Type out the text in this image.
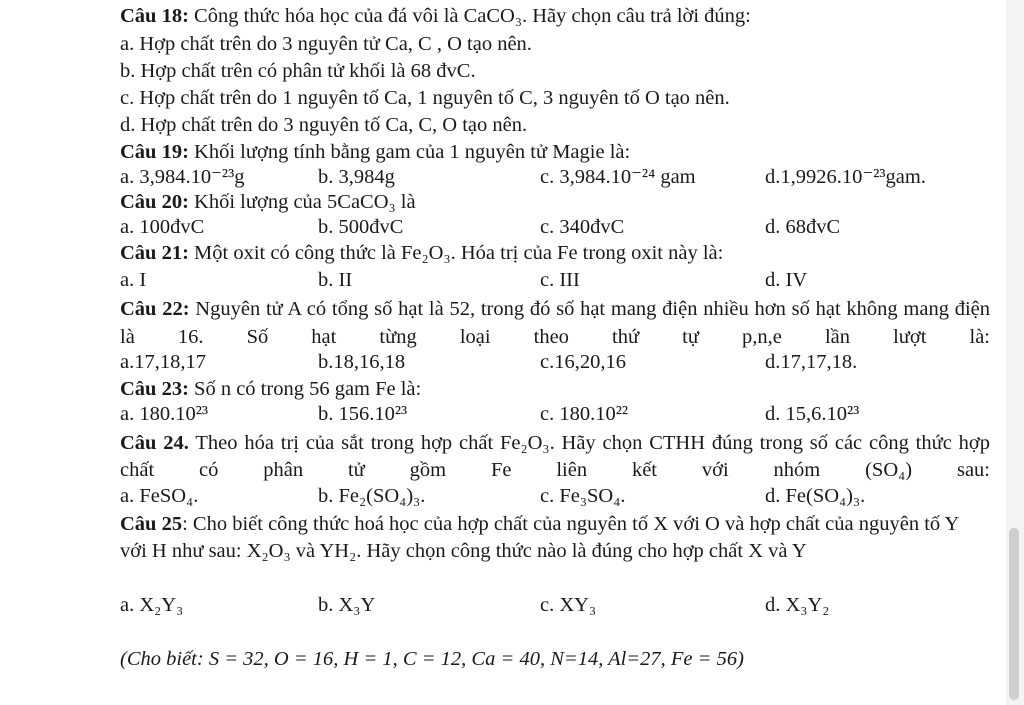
Câu 18: Công thức hóa học của đá vôi là CaCO₃. Hãy chọn câu trả lời đúng:
a. Hợp chất trên do 3 nguyên tử Ca, C , O tạo nên.
b. Hợp chất trên có phân tử khối là 68 đvC.
c. Hợp chất trên do 1 nguyên tố Ca, 1 nguyên tố C, 3 nguyên tố O tạo nên.
d. Hợp chất trên do 3 nguyên tố Ca, C, O tạo nên.
Câu 19: Khối lượng tính bằng gam của 1 nguyên tử Magie là:
a. 3,984.10⁻²³g	b. 3,984g	c. 3,984.10⁻²⁴ gam	d.1,9926.10⁻²³gam.
Câu 20: Khối lượng của 5CaCO₃ là
a. 100đvC	b. 500đvC	c. 340đvC	d. 68đvC
Câu 21: Một oxit có công thức là Fe₂O₃. Hóa trị của Fe trong oxit này là:
a. I	b. II	c. III	d. IV
Câu 22: Nguyên tử A có tổng số hạt là 52, trong đó số hạt mang điện nhiều hơn số hạt không mang điện là 16. Số hạt từng loại theo thứ tự p,n,e lần lượt là:
a.17,18,17	b.18,16,18	c.16,20,16	d.17,17,18.
Câu 23: Số n có trong 56 gam Fe là:
a. 180.10²³	b. 156.10²³	c. 180.10²²	d. 15,6.10²³
Câu 24. Theo hóa trị của sắt trong hợp chất Fe₂O₃. Hãy chọn CTHH đúng trong số các công thức hợp chất có phân tử gồm Fe liên kết với nhóm (SO₄) sau:
a. FeSO₄.	b. Fe₂(SO₄)₃.	c. Fe₃SO₄.	d. Fe(SO₄)₃.
Câu 25: Cho biết công thức hoá học của hợp chất của nguyên tố X với O và hợp chất của nguyên tố Y với H như sau: X₂O₃ và YH₂. Hãy chọn công thức nào là đúng cho hợp chất X và Y
a. X₂Y₃	b. X₃Y	c. XY₃	d. X₃Y₂
(Cho biết: S = 32, O = 16, H = 1, C = 12, Ca = 40, N=14, Al=27, Fe = 56)
